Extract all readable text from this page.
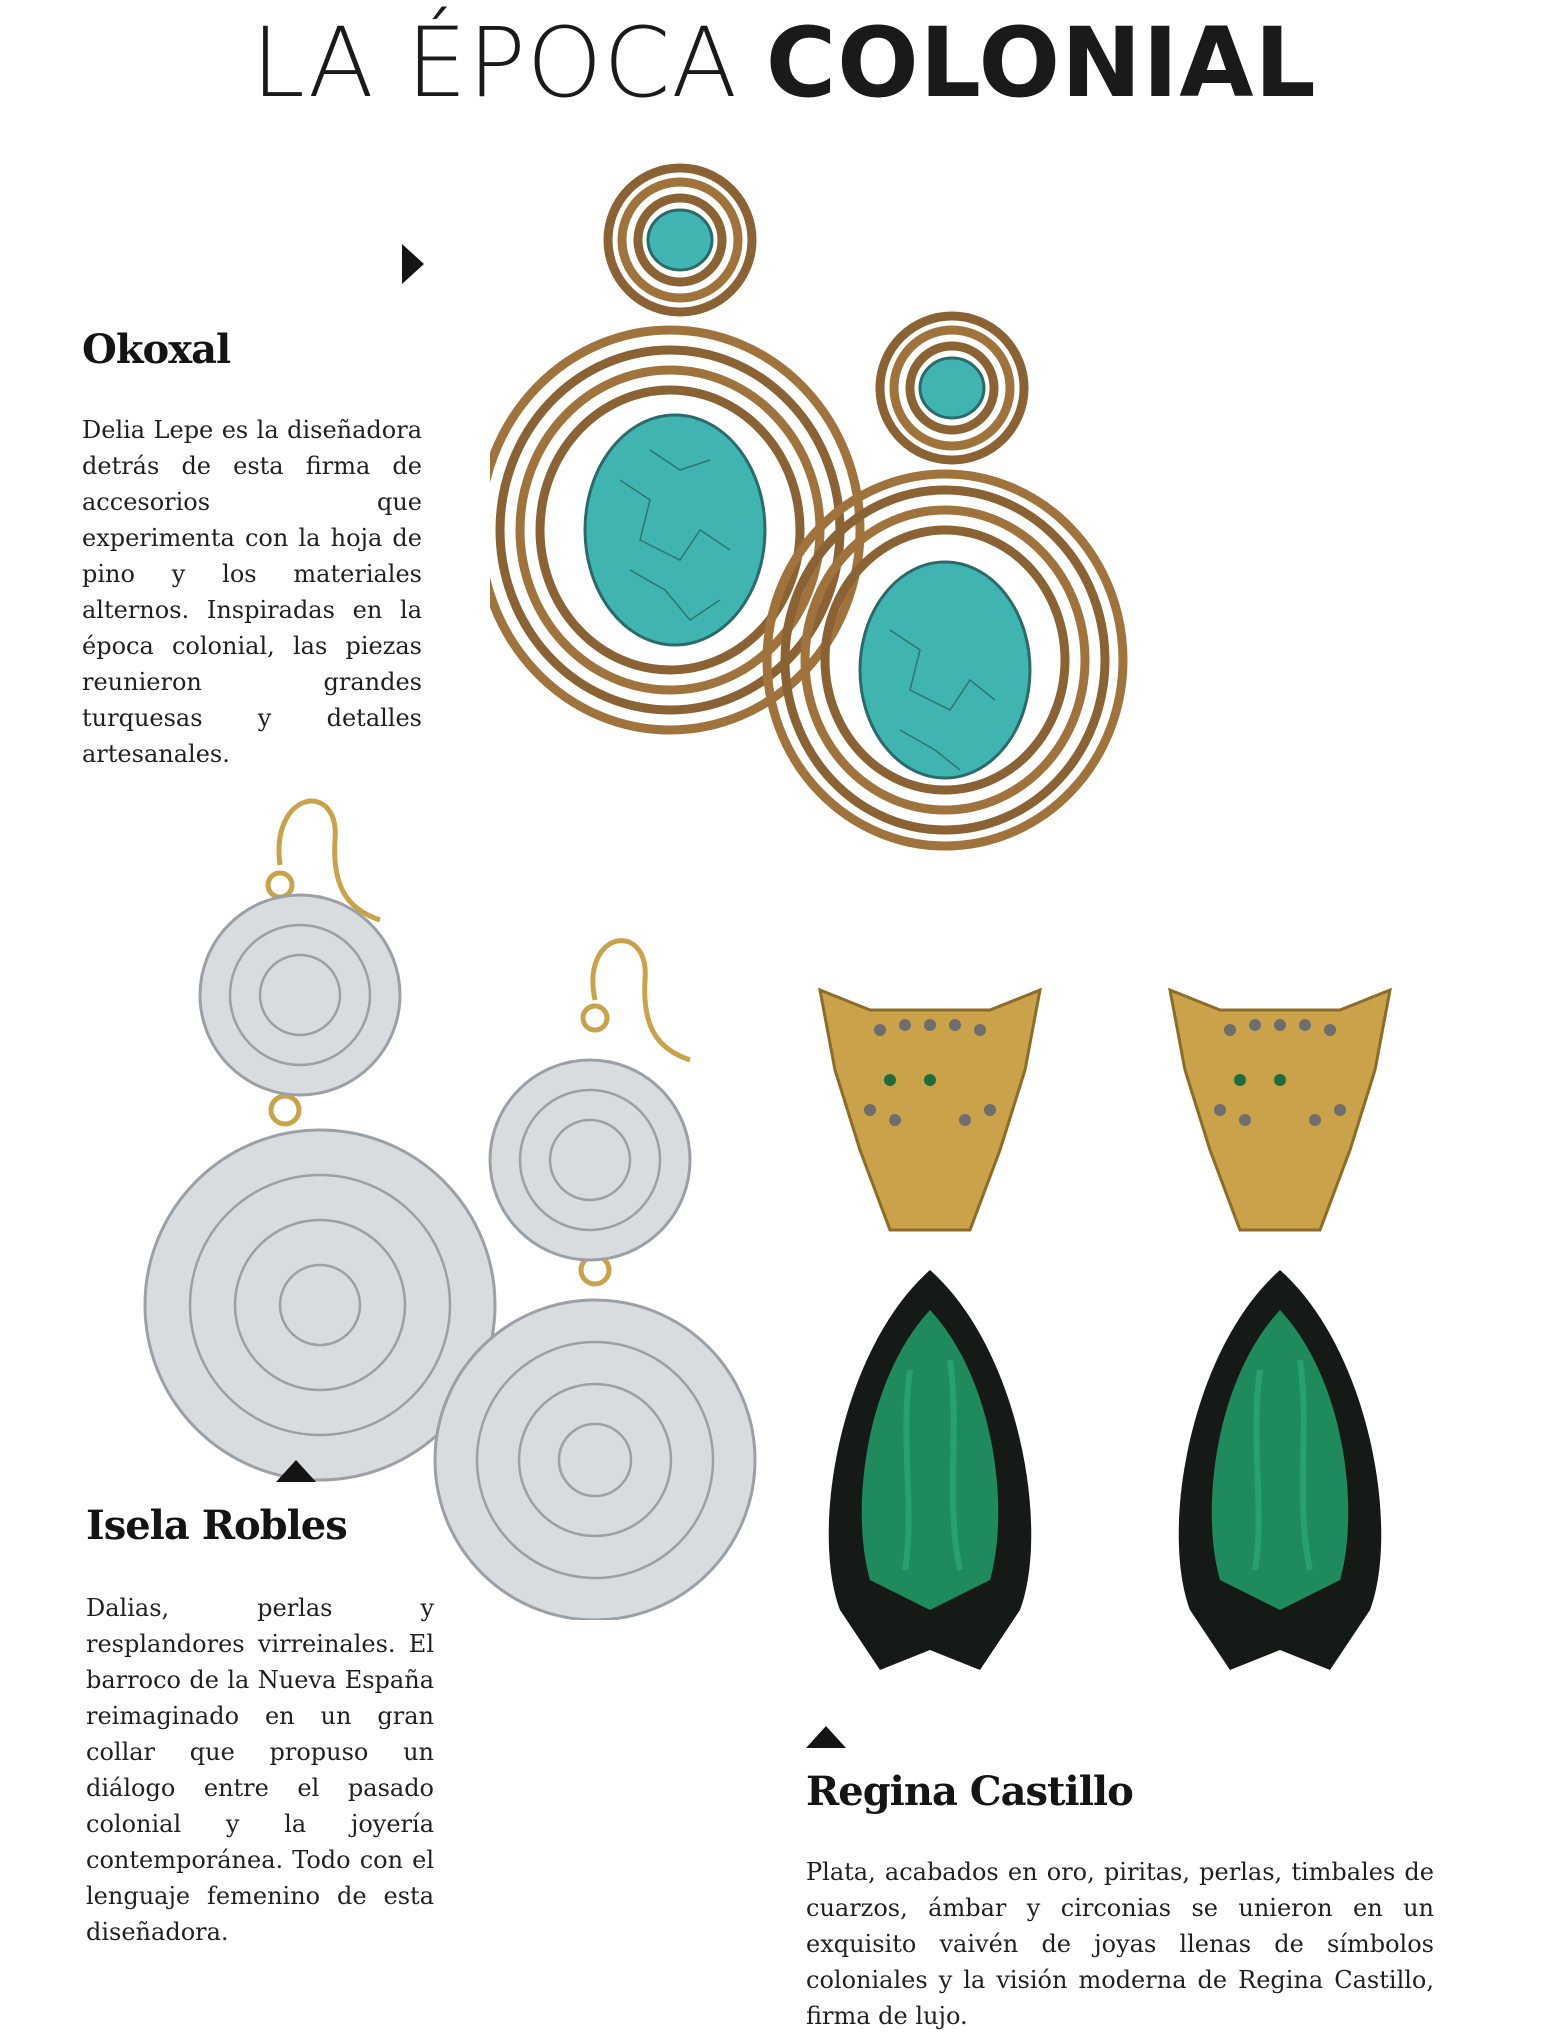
LA ÉPOCA COLONIAL
Okoxal

Delia Lepe es la diseñadora detrás de esta firma de accesorios que experimenta con la hoja de pino y los materiales alternos. Inspiradas en la época colonial, las piezas reunieron grandes turquesas y detalles artesanales.

Isela Robles

Dalias, perlas y resplandores virreinales. El barroco de la Nueva España reimaginado en un gran collar que propuso un diálogo entre el pasado colonial y la joyería contemporánea. Todo con el lenguaje femenino de esta diseñadora.

Regina Castillo

Plata, acabados en oro, piritas, perlas, timbales de cuarzos, ámbar y circonias se unieron en un exquisito vaivén de joyas llenas de símbolos coloniales y la visión moderna de Regina Castillo, firma de lujo.
